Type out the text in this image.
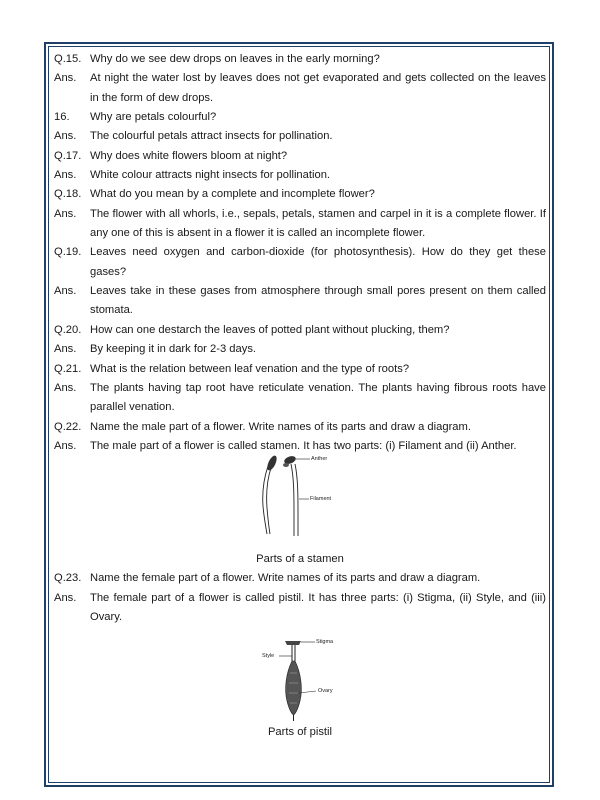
Q.15. Why do we see dew drops on leaves in the early morning?
Ans.	At night the water lost by leaves does not get evaporated and gets collected on the leaves in the form of dew drops.
16.	Why are petals colourful?
Ans.	The colourful petals attract insects for pollination.
Q.17. Why does white flowers bloom at night?
Ans.	White colour attracts night insects for pollination.
Q.18. What do you mean by a complete and incomplete flower?
Ans.	The flower with all whorls, i.e., sepals, petals, stamen and carpel in it is a complete flower. If any one of this is absent in a flower it is called an incomplete flower.
Q.19. Leaves need oxygen and carbon-dioxide (for photosynthesis). How do they get these gases?
Ans.	Leaves take in these gases from atmosphere through small pores present on them called stomata.
Q.20. How can one destarch the leaves of potted plant without plucking, them?
Ans.	By keeping it in dark for 2-3 days.
Q.21. What is the relation between leaf venation and the type of roots?
Ans.	The plants having tap root have reticulate venation. The plants having fibrous roots have parallel venation.
Q.22. Name the male part of a flower. Write names of its parts and draw a diagram.
Ans.	The male part of a flower is called stamen. It has two parts: (i) Filament and (ii) Anther.
Anther
Filament
Parts of a stamen
Q.23. Name the female part of a flower. Write names of its parts and draw a diagram.
Ans.	The female part of a flower is called pistil. It has three parts: (i) Stigma, (ii) Style, and (iii) Ovary.
Stigma
Style
Ovary
Parts of pistil
